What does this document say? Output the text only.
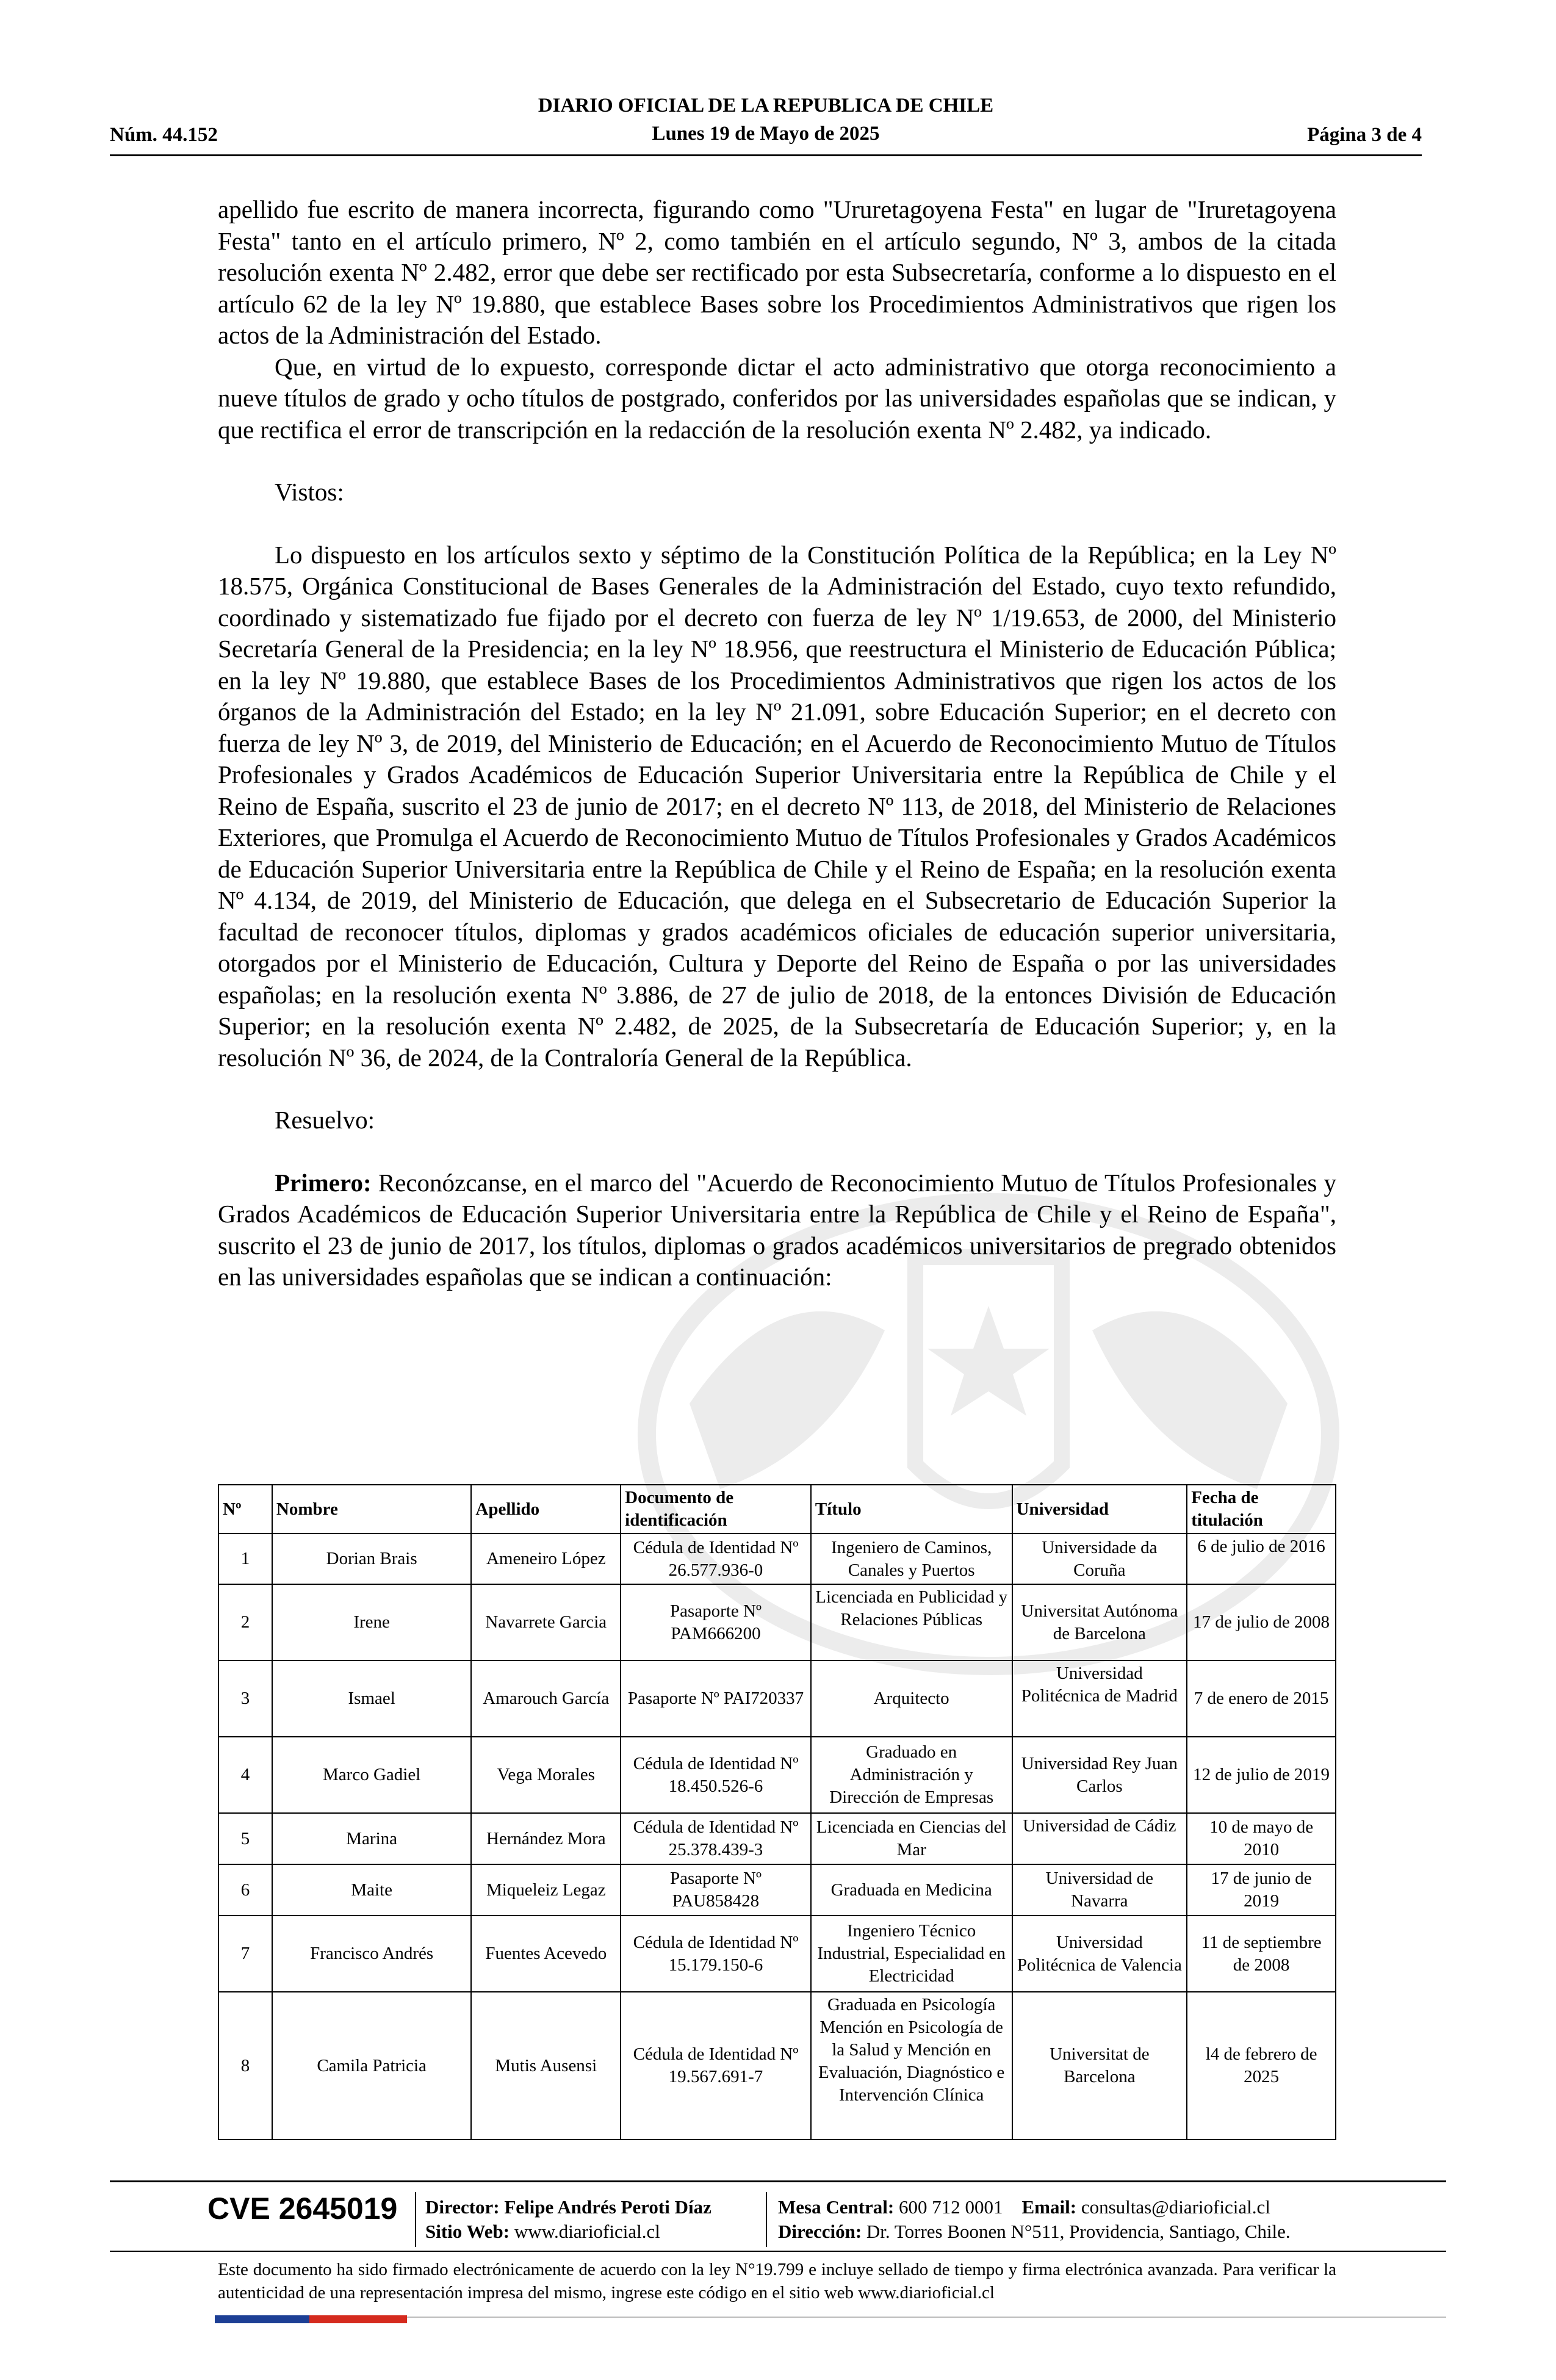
DIARIO OFICIAL DE LA REPUBLICA DE CHILE
Núm. 44.152	Lunes 19 de Mayo de 2025	Página 3 de 4

apellido fue escrito de manera incorrecta, figurando como "Ururetagoyena Festa" en lugar de "Iruretagoyena Festa" tanto en el artículo primero, Nº 2, como también en el artículo segundo, Nº 3, ambos de la citada resolución exenta Nº 2.482, error que debe ser rectificado por esta Subsecretaría, conforme a lo dispuesto en el artículo 62 de la ley Nº 19.880, que establece Bases sobre los Procedimientos Administrativos que rigen los actos de la Administración del Estado.

Que, en virtud de lo expuesto, corresponde dictar el acto administrativo que otorga reconocimiento a nueve títulos de grado y ocho títulos de postgrado, conferidos por las universidades españolas que se indican, y que rectifica el error de transcripción en la redacción de la resolución exenta Nº 2.482, ya indicado.

Vistos:

Lo dispuesto en los artículos sexto y séptimo de la Constitución Política de la República; en la Ley Nº 18.575, Orgánica Constitucional de Bases Generales de la Administración del Estado, cuyo texto refundido, coordinado y sistematizado fue fijado por el decreto con fuerza de ley Nº 1/19.653, de 2000, del Ministerio Secretaría General de la Presidencia; en la ley Nº 18.956, que reestructura el Ministerio de Educación Pública; en la ley Nº 19.880, que establece Bases de los Procedimientos Administrativos que rigen los actos de los órganos de la Administración del Estado; en la ley Nº 21.091, sobre Educación Superior; en el decreto con fuerza de ley Nº 3, de 2019, del Ministerio de Educación; en el Acuerdo de Reconocimiento Mutuo de Títulos Profesionales y Grados Académicos de Educación Superior Universitaria entre la República de Chile y el Reino de España, suscrito el 23 de junio de 2017; en el decreto Nº 113, de 2018, del Ministerio de Relaciones Exteriores, que Promulga el Acuerdo de Reconocimiento Mutuo de Títulos Profesionales y Grados Académicos de Educación Superior Universitaria entre la República de Chile y el Reino de España; en la resolución exenta Nº 4.134, de 2019, del Ministerio de Educación, que delega en el Subsecretario de Educación Superior la facultad de reconocer títulos, diplomas y grados académicos oficiales de educación superior universitaria, otorgados por el Ministerio de Educación, Cultura y Deporte del Reino de España o por las universidades españolas; en la resolución exenta Nº 3.886, de 27 de julio de 2018, de la entonces División de Educación Superior; en la resolución exenta Nº 2.482, de 2025, de la Subsecretaría de Educación Superior; y, en la resolución Nº 36, de 2024, de la Contraloría General de la República.

Resuelvo:

Primero: Reconózcanse, en el marco del "Acuerdo de Reconocimiento Mutuo de Títulos Profesionales y Grados Académicos de Educación Superior Universitaria entre la República de Chile y el Reino de España", suscrito el 23 de junio de 2017, los títulos, diplomas o grados académicos universitarios de pregrado obtenidos en las universidades españolas que se indican a continuación:

Nº	Nombre	Apellido	Documento de identificación	Título	Universidad	Fecha de titulación
1	Dorian Brais	Ameneiro López	Cédula de Identidad Nº 26.577.936-0	Ingeniero de Caminos, Canales y Puertos	Universidade da Coruña	6 de julio de 2016
2	Irene	Navarrete Garcia	Pasaporte Nº PAM666200	Licenciada en Publicidad y Relaciones Públicas	Universitat Autónoma de Barcelona	17 de julio de 2008
3	Ismael	Amarouch García	Pasaporte Nº PAI720337	Arquitecto	Universidad Politécnica de Madrid	7 de enero de 2015
4	Marco Gadiel	Vega Morales	Cédula de Identidad Nº 18.450.526-6	Graduado en Administración y Dirección de Empresas	Universidad Rey Juan Carlos	12 de julio de 2019
5	Marina	Hernández Mora	Cédula de Identidad Nº 25.378.439-3	Licenciada en Ciencias del Mar	Universidad de Cádiz	10 de mayo de 2010
6	Maite	Miqueleiz Legaz	Pasaporte Nº PAU858428	Graduada en Medicina	Universidad de Navarra	17 de junio de 2019
7	Francisco Andrés	Fuentes Acevedo	Cédula de Identidad Nº 15.179.150-6	Ingeniero Técnico Industrial, Especialidad en Electricidad	Universidad Politécnica de Valencia	11 de septiembre de 2008
8	Camila Patricia	Mutis Ausensi	Cédula de Identidad Nº 19.567.691-7	Graduada en Psicología Mención en Psicología de la Salud y Mención en Evaluación, Diagnóstico e Intervención Clínica	Universitat de Barcelona	l4 de febrero de 2025
CVE 2645019 Director: Felipe Andrés Peroti Díaz
Sitio Web: www.diarioficial.cl
Mesa Central: 600 712 0001 Email: consultas@diarioficial.cl
Dirección: Dr. Torres Boonen N°511, Providencia, Santiago, Chile.
Este documento ha sido firmado electrónicamente de acuerdo con la ley N°19.799 e incluye sellado de tiempo y firma electrónica avanzada. Para verificar la autenticidad de una representación impresa del mismo, ingrese este código en el sitio web www.diarioficial.cl
